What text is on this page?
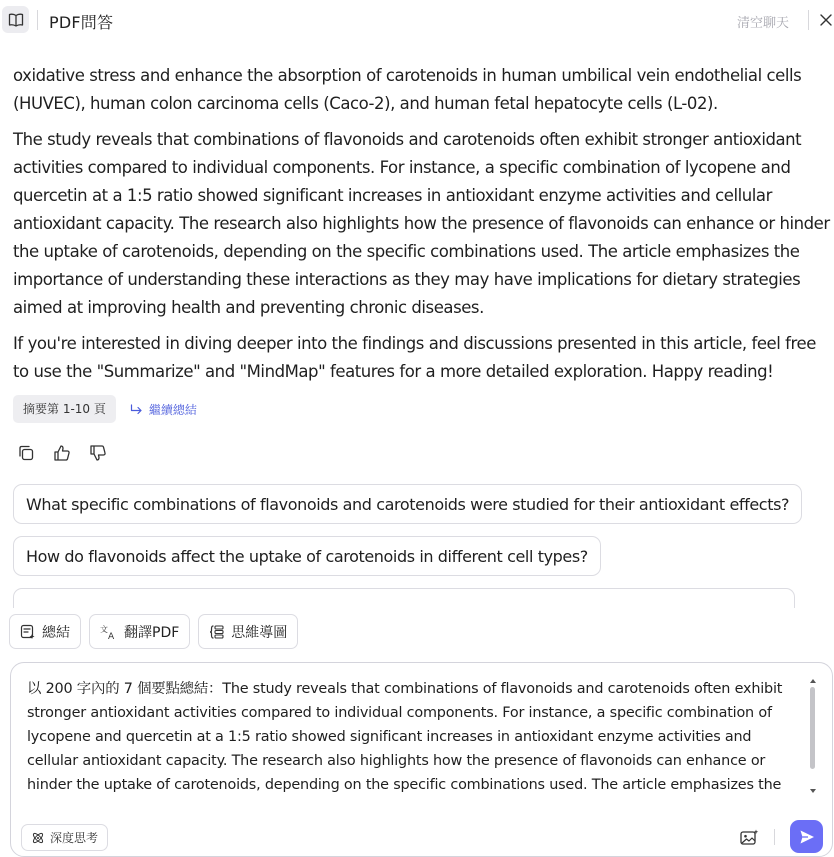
PDF問答	清空聊天

oxidative stress and enhance the absorption of carotenoids in human umbilical vein endothelial cells (HUVEC), human colon carcinoma cells (Caco-2), and human fetal hepatocyte cells (L-02).

The study reveals that combinations of flavonoids and carotenoids often exhibit stronger antioxidant activities compared to individual components. For instance, a specific combination of lycopene and quercetin at a 1:5 ratio showed significant increases in antioxidant enzyme activities and cellular antioxidant capacity. The research also highlights how the presence of flavonoids can enhance or hinder the uptake of carotenoids, depending on the specific combinations used. The article emphasizes the importance of understanding these interactions as they may have implications for dietary strategies aimed at improving health and preventing chronic diseases.

If you're interested in diving deeper into the findings and discussions presented in this article, feel free to use the "Summarize" and "MindMap" features for a more detailed exploration. Happy reading!

摘要第 1-10 頁	繼續總結
What specific combinations of flavonoids and carotenoids were studied for their antioxidant effects?
How do flavonoids affect the uptake of carotenoids in different cell types?
總結	文
A 翻譯PDF	思維導圖
以 200 字內的 7 個要點總結：The study reveals that combinations of flavonoids and carotenoids often exhibit stronger antioxidant activities compared to individual components. For instance, a specific combination of lycopene and quercetin at a 1:5 ratio showed significant increases in antioxidant enzyme activities and cellular antioxidant capacity. The research also highlights how the presence of flavonoids can enhance or hinder the uptake of carotenoids, depending on the specific combinations used. The article emphasizes the
深度思考
